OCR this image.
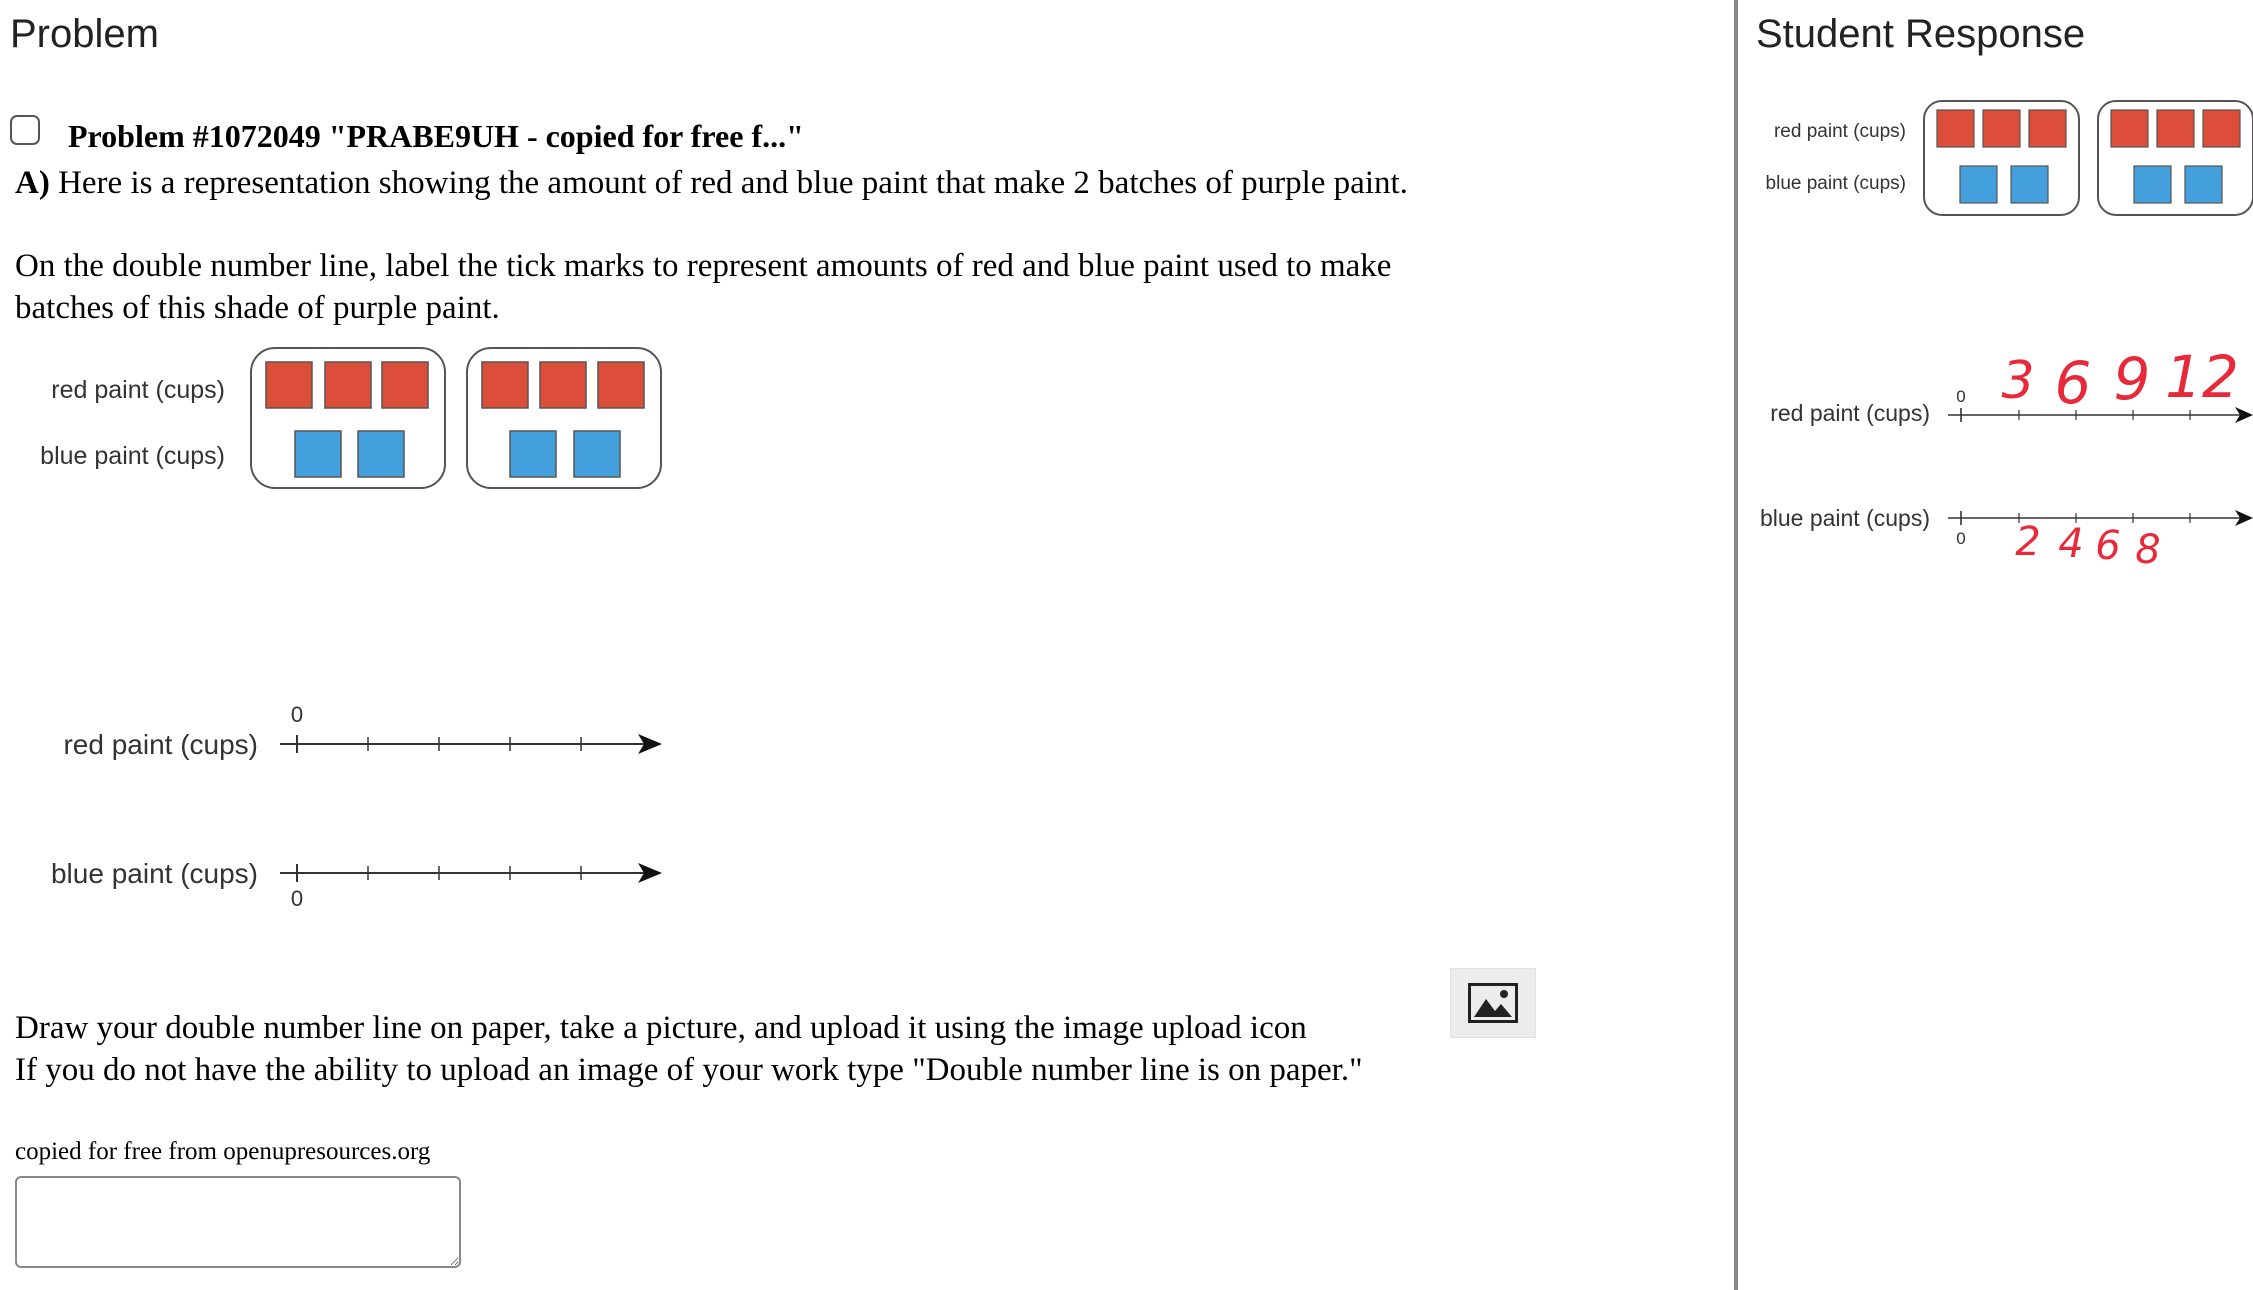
Problem
Problem #1072049 "PRABE9UH - copied for free f..."
A) Here is a representation showing the amount of red and blue paint that make 2 batches of purple paint.
On the double number line, label the tick marks to represent amounts of red and blue paint used to make
batches of this shade of purple paint.
red paint (cups)
blue paint (cups)
red paint (cups)
blue paint (cups)
0
0
Draw your double number line on paper, take a picture, and upload it using the image upload icon
If you do not have the ability to upload an image of your work type "Double number line is on paper."
copied for free from openupresources.org
Student Response
red paint (cups)
blue paint (cups)
red paint (cups)
blue paint (cups)
0 3 6 9 12
0 2 4 6 8
